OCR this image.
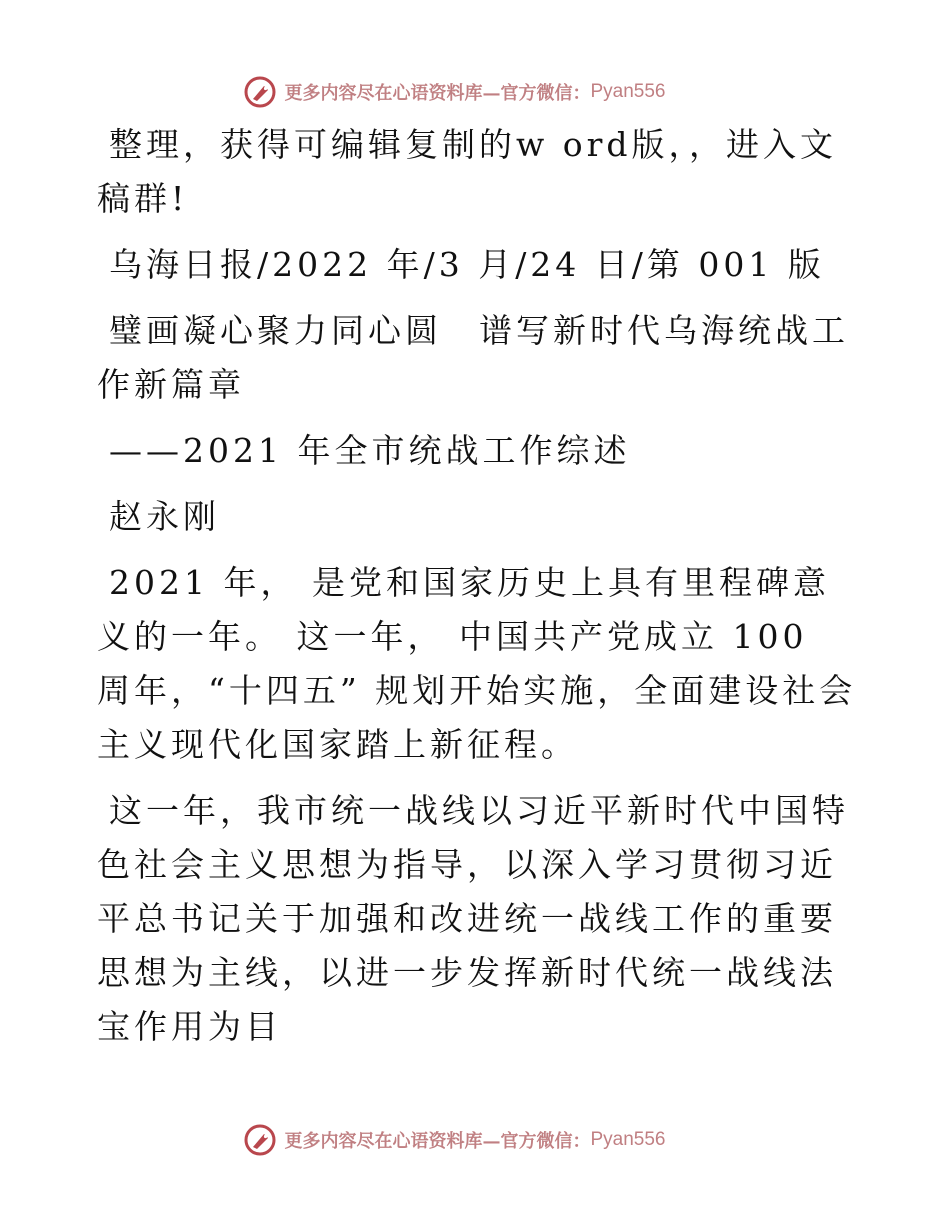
更多内容尽在心语资料库—官方微信： Pyan556

整理，获得可编辑复制的w ord版，，进入文稿群!

乌海日报/2022 年/3 月/24 日/第 001 版

璧画凝心聚力同心圆　谱写新时代乌海统战工作新篇章

——2021 年全市统战工作综述

赵永刚

2021 年， 是党和国家历史上具有里程碑意义的一年。 这一年， 中国共产党成立 100 周年，“十四五” 规划开始实施，全面建设社会主义现代化国家踏上新征程。

这一年，我市统一战线以习近平新时代中国特色社会主义思想为指导，以深入学习贯彻习近平总书记关于加强和改进统一战线工作的重要思想为主线，以进一步发挥新时代统一战线法宝作用为目

更多内容尽在心语资料库—官方微信： Pyan556
